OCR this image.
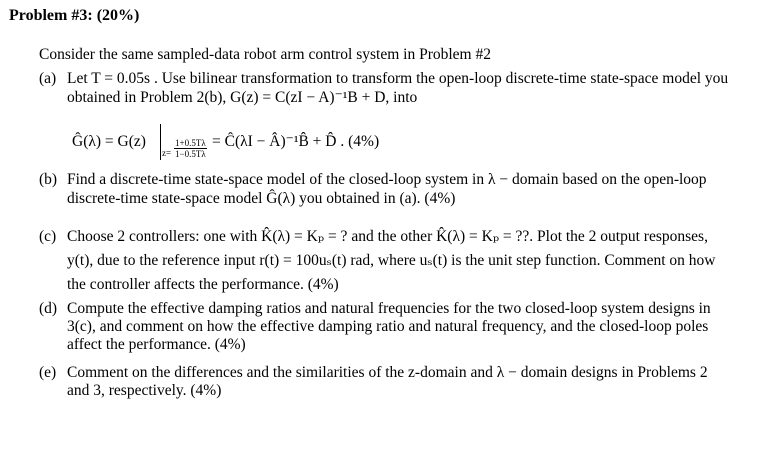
Problem #3: (20%)
Consider the same sampled-data robot arm control system in Problem #2
(a) Let T = 0.05s . Use bilinear transformation to transform the open-loop discrete-time state-space model you
obtained in Problem 2(b), G(z) = C(zI − A)⁻¹B + D, into
Ĝ(λ) = G(z)
$z= \frac{1+0.5T\lambda}{1-0.5T\lambda}$ = Ĉ(λI − Â)⁻¹B̂ + D̂ . (4%)
(b) Find a discrete-time state-space model of the closed-loop system in λ − domain based on the open-loop
discrete-time state-space model Ĝ(λ) you obtained in (a). (4%)
(c) Choose 2 controllers: one with K̂(λ) = Kₚ = ? and the other K̂(λ) = Kₚ = ??. Plot the 2 output responses,
y(t), due to the reference input r(t) = 100uₛ(t) rad, where uₛ(t) is the unit step function. Comment on how
the controller affects the performance. (4%)
(d) Compute the effective damping ratios and natural frequencies for the two closed-loop system designs in
3(c), and comment on how the effective damping ratio and natural frequency, and the closed-loop poles
affect the performance. (4%)
(e) Comment on the differences and the similarities of the z-domain and λ − domain designs in Problems 2
and 3, respectively. (4%)
